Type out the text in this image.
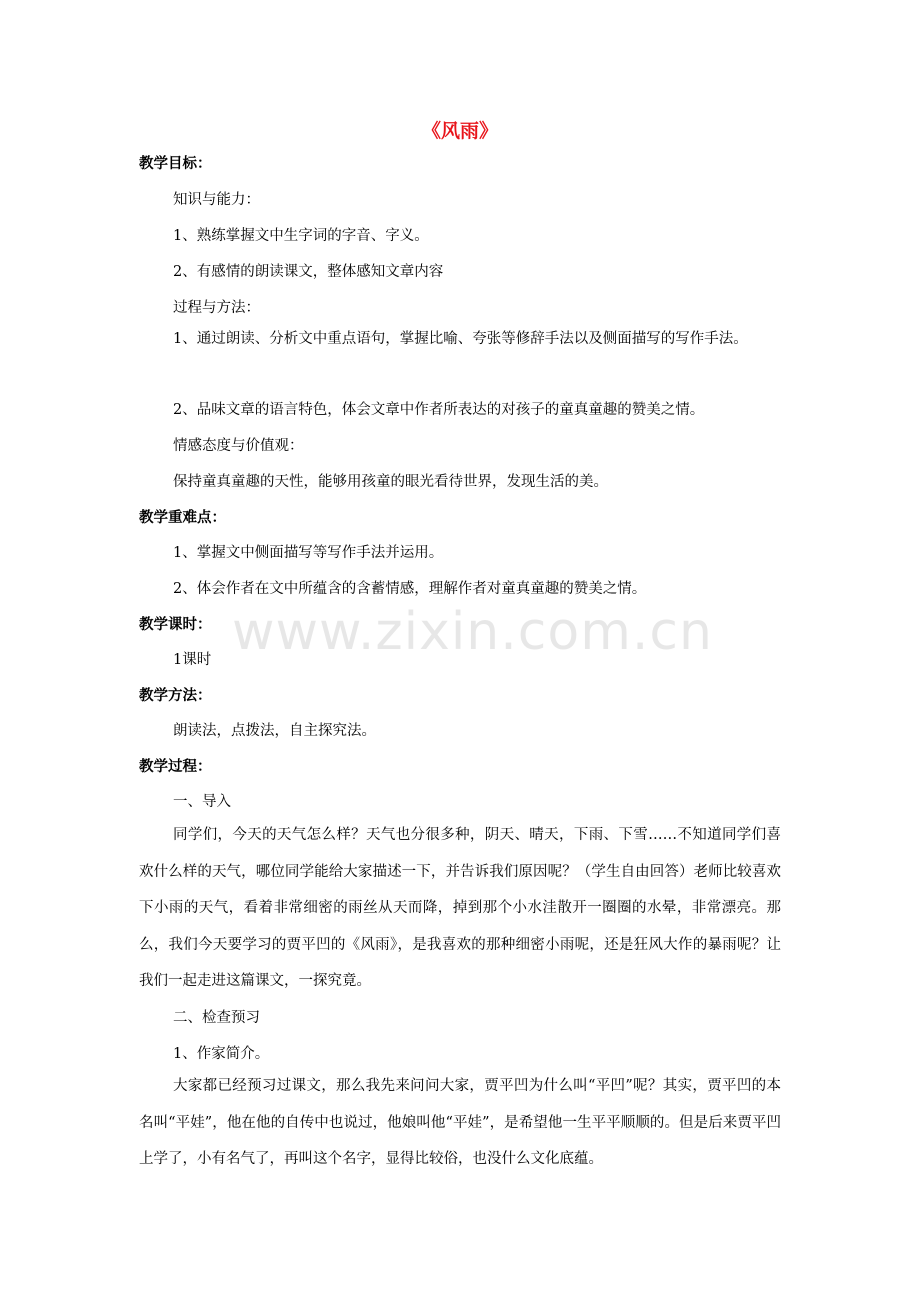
《风雨》
教学目标：
知识与能力：
1、熟练掌握文中生字词的字音、字义。
2、有感情的朗读课文，整体感知文章内容
过程与方法：

1、通过朗读、分析文中重点语句，掌握比喻、夸张等修辞手法以及侧面描写的写作手法。

2、品味文章的语言特色，体会文章中作者所表达的对孩子的童真童趣的赞美之情。
情感态度与价值观：
保持童真童趣的天性，能够用孩童的眼光看待世界，发现生活的美。
教学重难点：
1、掌握文中侧面描写等写作手法并运用。
2、体会作者在文中所蕴含的含蓄情感，理解作者对童真童趣的赞美之情。
教学课时：
1课时
教学方法：
朗读法，点拨法，自主探究法。
教学过程：
一、导入

同学们，今天的天气怎么样？天气也分很多种，阴天、晴天，下雨、下雪……不知道同学们喜欢什么样的天气，哪位同学能给大家描述一下，并告诉我们原因呢？（学生自由回答）老师比较喜欢下小雨的天气，看着非常细密的雨丝从天而降，掉到那个小水洼散开一圈圈的水晕，非常漂亮。那么，我们今天要学习的贾平凹的《风雨》，是我喜欢的那种细密小雨呢，还是狂风大作的暴雨呢？让我们一起走进这篇课文，一探究竟。

二、检查预习
1、作家简介。

大家都已经预习过课文，那么我先来问问大家，贾平凹为什么叫“平凹”呢？其实，贾平凹的本名叫“平娃”，他在他的自传中也说过，他娘叫他“平娃”，是希望他一生平平顺顺的。但是后来贾平凹上学了，小有名气了，再叫这个名字，显得比较俗，也没什么文化底蕴。

www.zixin.com.cn
